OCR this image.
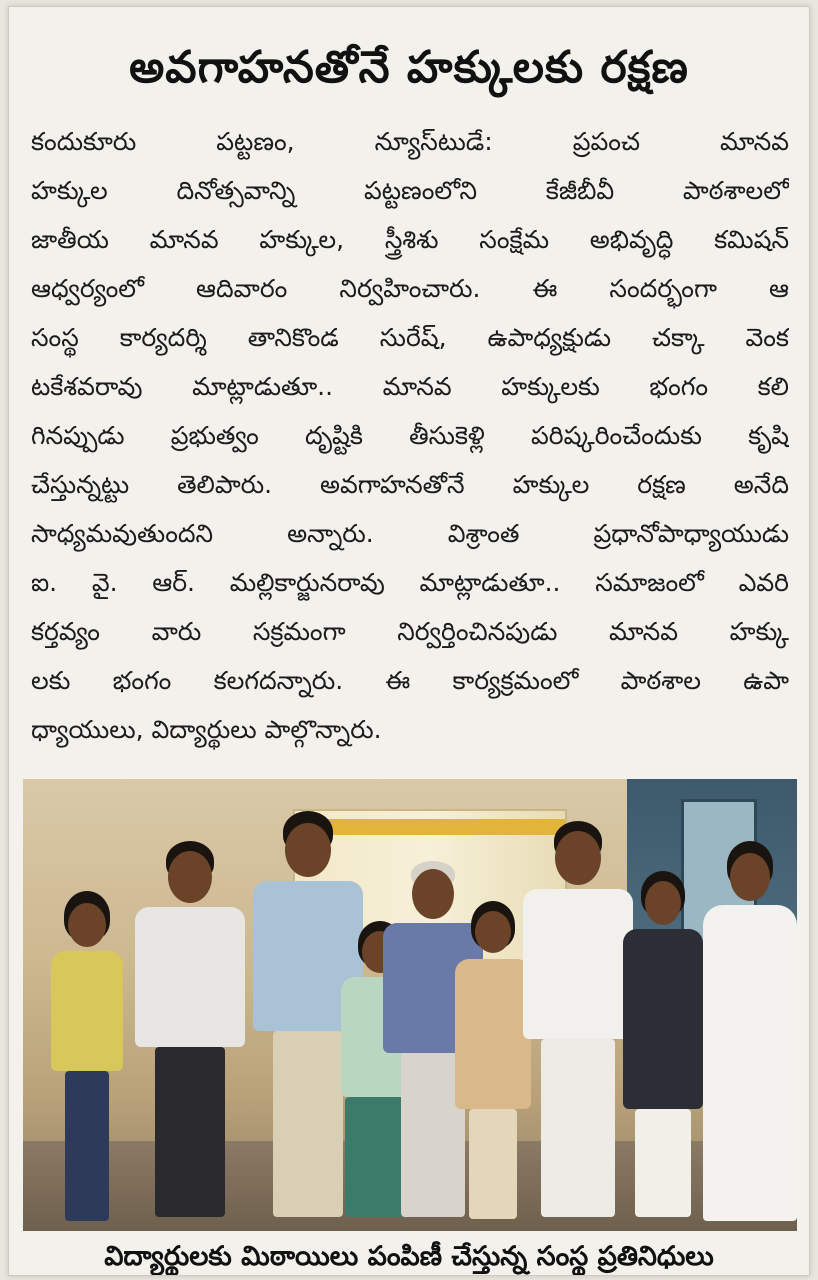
అవగాహనతోనే హక్కులకు రక్షణ
కందుకూరు పట్టణం, న్యూస్‌టుడే: ప్రపంచ మానవ
హక్కుల దినోత్సవాన్ని పట్టణంలోని కేజీబీవీ పాఠశాలలో
జాతీయ మానవ హక్కుల, స్త్రీశిశు సంక్షేమ అభివృద్ధి కమిషన్
ఆధ్వర్యంలో ఆదివారం నిర్వహించారు. ఈ సందర్భంగా ఆ
సంస్థ కార్యదర్శి తానికొండ సురేష్, ఉపాధ్యక్షుడు చక్కా వెంక
టకేశవరావు మాట్లాడుతూ.. మానవ హక్కులకు భంగం కలి
గినప్పుడు ప్రభుత్వం దృష్టికి తీసుకెళ్లి పరిష్కరించేందుకు కృషి
చేస్తున్నట్టు తెలిపారు. అవగాహనతోనే హక్కుల రక్షణ అనేది
సాధ్యమవుతుందని అన్నారు. విశ్రాంత ప్రధానోపాధ్యాయుడు
ఐ. వై. ఆర్. మల్లికార్జునరావు మాట్లాడుతూ.. సమాజంలో ఎవరి
కర్తవ్యం వారు సక్రమంగా నిర్వర్తించినపుడు మానవ హక్కు
లకు భంగం కలగదన్నారు. ఈ కార్యక్రమంలో పాఠశాల ఉపా
ధ్యాయులు, విద్యార్థులు పాల్గొన్నారు.
విద్యార్థులకు మిఠాయిలు పంపిణీ చేస్తున్న సంస్థ ప్రతినిధులు
